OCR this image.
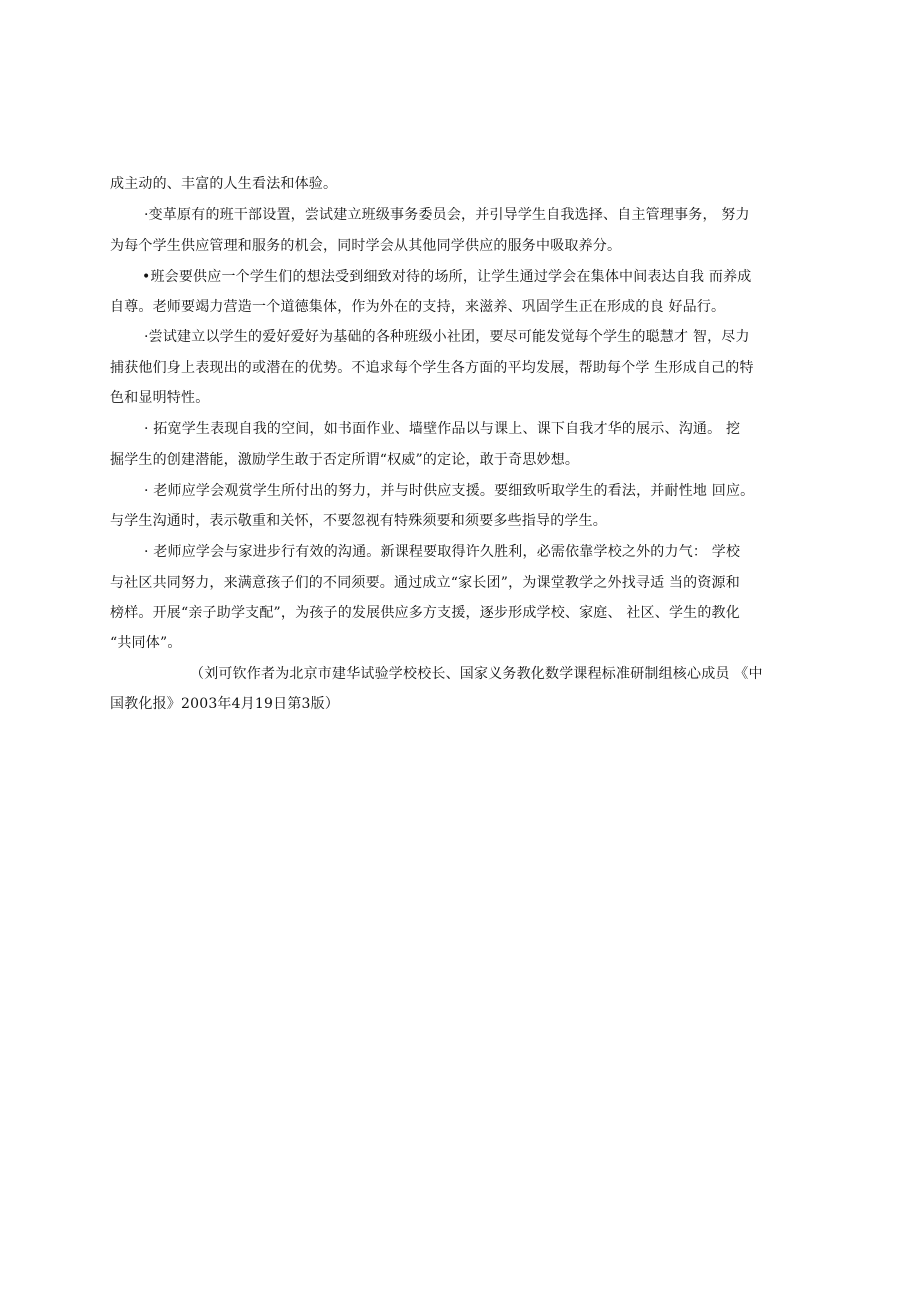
成主动的、丰富的人生看法和体验。
·变革原有的班干部设置，尝试建立班级事务委员会，并引导学生自我选择、自主管理事务， 努力
为每个学生供应管理和服务的机会，同时学会从其他同学供应的服务中吸取养分。
•班会要供应一个学生们的想法受到细致对待的场所，让学生通过学会在集体中间表达自我 而养成
自尊。老师要竭力营造一个道德集体，作为外在的支持，来滋养、巩固学生正在形成的良 好品行。
·尝试建立以学生的爱好爱好为基础的各种班级小社团，要尽可能发觉每个学生的聪慧才 智，尽力
捕获他们身上表现出的或潜在的优势。不追求每个学生各方面的平均发展，帮助每个学 生形成自己的特
色和显明特性。
· 拓宽学生表现自我的空间，如书面作业、墙壁作品以与课上、课下自我才华的展示、沟通。 挖
掘学生的创建潜能，激励学生敢于否定所谓“权威”的定论，敢于奇思妙想。
· 老师应学会观赏学生所付出的努力，并与时供应支援。要细致听取学生的看法，并耐性地 回应。
与学生沟通时，表示敬重和关怀，不要忽视有特殊须要和须要多些指导的学生。
· 老师应学会与家进步行有效的沟通。新课程要取得许久胜利，必需依靠学校之外的力气： 学校
与社区共同努力，来满意孩子们的不同须要。通过成立“家长团”，为课堂教学之外找寻适 当的资源和
榜样。开展“亲子助学支配”，为孩子的发展供应多方支援，逐步形成学校、家庭、 社区、学生的教化
“共同体”。
（刘可钦作者为北京市建华试验学校校长、国家义务教化数学课程标准研制组核心成员 《中
国教化报》2003年4月19日第3版）
